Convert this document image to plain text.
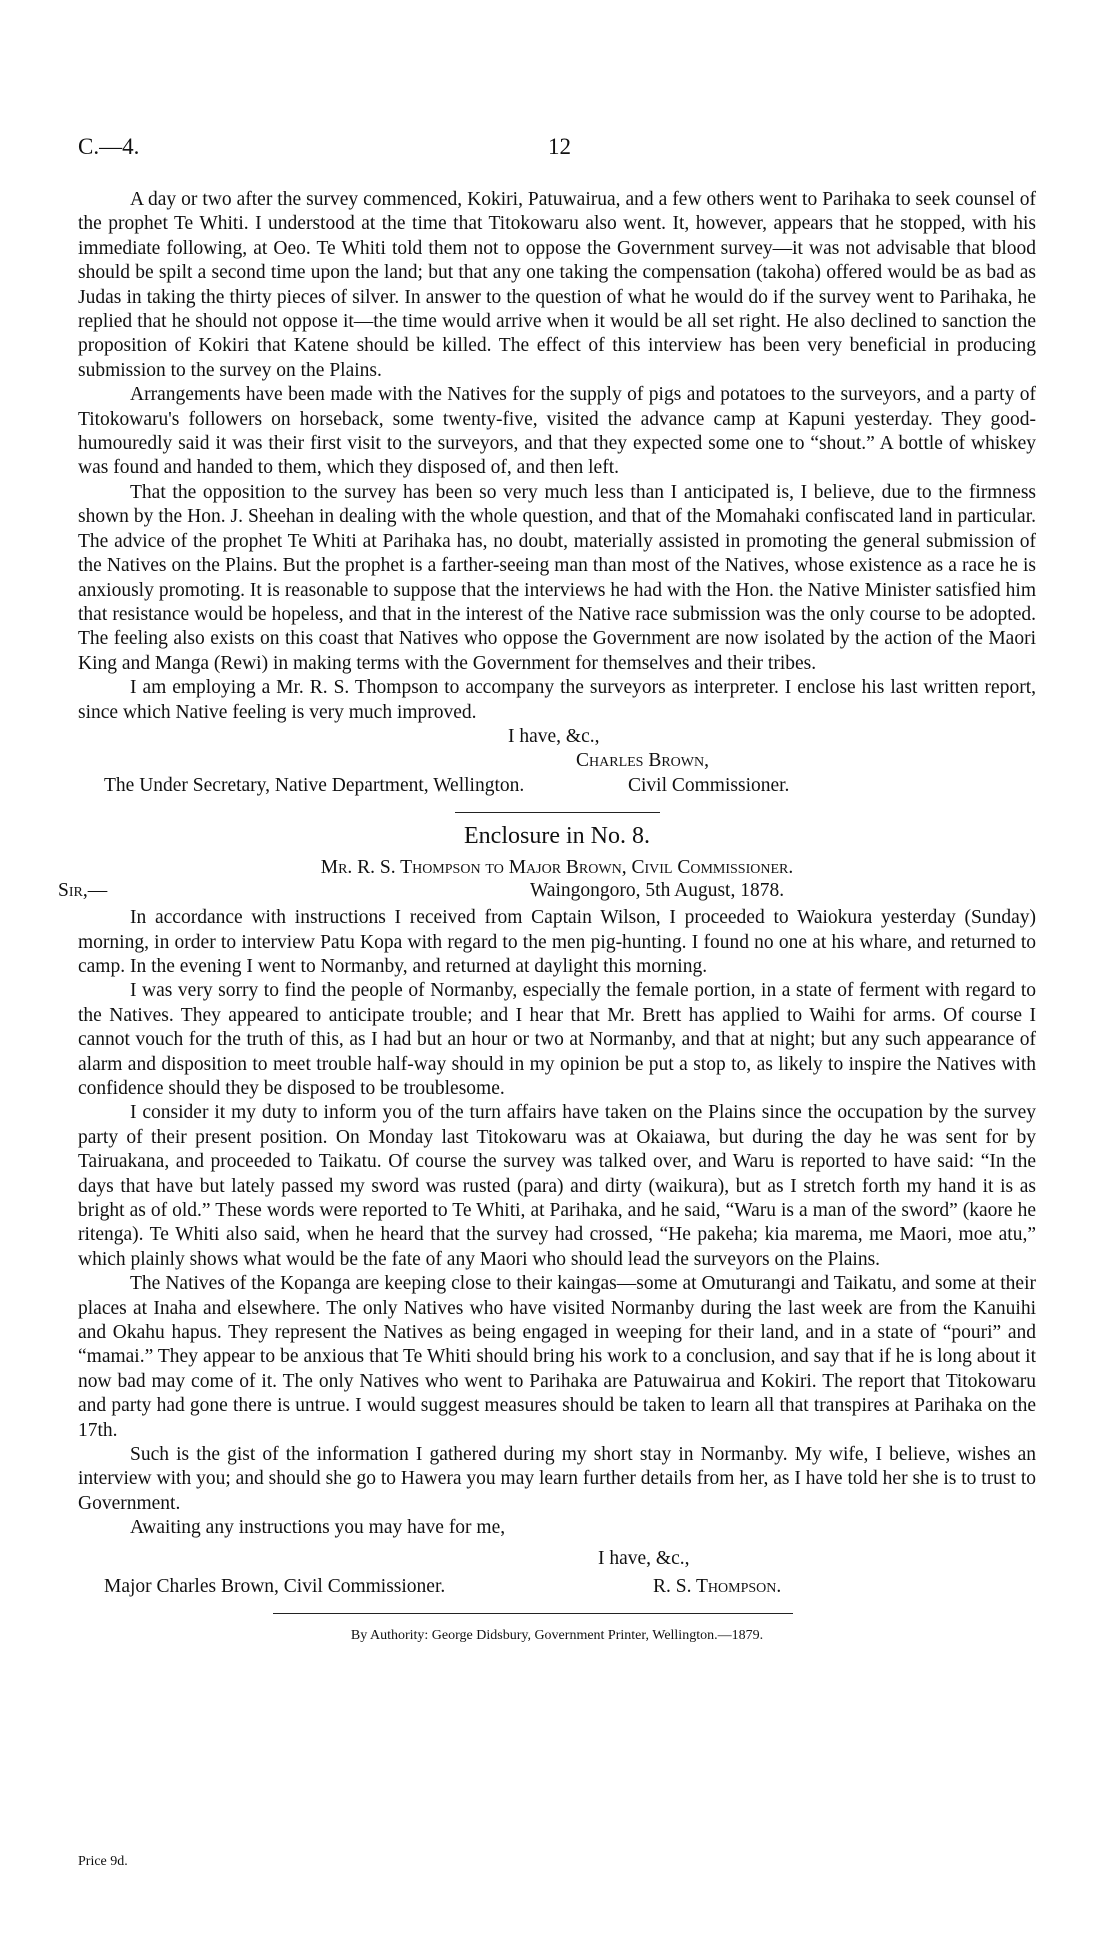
C.—4.	12

A day or two after the survey commenced, Kokiri, Patuwairua, and a few others went to Parihaka to seek counsel of the prophet Te Whiti. I understood at the time that Titokowaru also went. It, however, appears that he stopped, with his immediate following, at Oeo. Te Whiti told them not to oppose the Government survey—it was not advisable that blood should be spilt a second time upon the land; but that any one taking the compensation (takoha) offered would be as bad as Judas in taking the thirty pieces of silver. In answer to the question of what he would do if the survey went to Parihaka, he replied that he should not oppose it—the time would arrive when it would be all set right. He also declined to sanction the proposition of Kokiri that Katene should be killed. The effect of this interview has been very beneficial in producing submission to the survey on the Plains.

Arrangements have been made with the Natives for the supply of pigs and potatoes to the surveyors, and a party of Titokowaru's followers on horseback, some twenty-five, visited the advance camp at Kapuni yesterday. They good-humouredly said it was their first visit to the surveyors, and that they expected some one to “shout.” A bottle of whiskey was found and handed to them, which they disposed of, and then left.

That the opposition to the survey has been so very much less than I anticipated is, I believe, due to the firmness shown by the Hon. J. Sheehan in dealing with the whole question, and that of the Momahaki confiscated land in particular. The advice of the prophet Te Whiti at Parihaka has, no doubt, materially assisted in promoting the general submission of the Natives on the Plains. But the prophet is a farther-seeing man than most of the Natives, whose existence as a race he is anxiously promoting. It is reasonable to suppose that the interviews he had with the Hon. the Native Minister satisfied him that resistance would be hopeless, and that in the interest of the Native race submission was the only course to be adopted. The feeling also exists on this coast that Natives who oppose the Government are now isolated by the action of the Maori King and Manga (Rewi) in making terms with the Government for themselves and their tribes.

I am employing a Mr. R. S. Thompson to accompany the surveyors as interpreter. I enclose his last written report, since which Native feeling is very much improved.

I have, &c.,
Charles Brown,
The Under Secretary, Native Department, Wellington.	Civil Commissioner.
Enclosure in No. 8.
Mr. R. S. Thompson to Major Brown, Civil Commissioner.
Sir,—	Waingongoro, 5th August, 1878.

In accordance with instructions I received from Captain Wilson, I proceeded to Waiokura yesterday (Sunday) morning, in order to interview Patu Kopa with regard to the men pig-hunting. I found no one at his whare, and returned to camp. In the evening I went to Normanby, and returned at daylight this morning.

I was very sorry to find the people of Normanby, especially the female portion, in a state of ferment with regard to the Natives. They appeared to anticipate trouble; and I hear that Mr. Brett has applied to Waihi for arms. Of course I cannot vouch for the truth of this, as I had but an hour or two at Normanby, and that at night; but any such appearance of alarm and disposition to meet trouble half-way should in my opinion be put a stop to, as likely to inspire the Natives with confidence should they be disposed to be troublesome.

I consider it my duty to inform you of the turn affairs have taken on the Plains since the occupation by the survey party of their present position. On Monday last Titokowaru was at Okaiawa, but during the day he was sent for by Tairuakana, and proceeded to Taikatu. Of course the survey was talked over, and Waru is reported to have said: “In the days that have but lately passed my sword was rusted (para) and dirty (waikura), but as I stretch forth my hand it is as bright as of old.” These words were reported to Te Whiti, at Parihaka, and he said, “Waru is a man of the sword” (kaore he ritenga). Te Whiti also said, when he heard that the survey had crossed, “He pakeha; kia marema, me Maori, moe atu,” which plainly shows what would be the fate of any Maori who should lead the surveyors on the Plains.

The Natives of the Kopanga are keeping close to their kaingas—some at Omuturangi and Taikatu, and some at their places at Inaha and elsewhere. The only Natives who have visited Normanby during the last week are from the Kanuihi and Okahu hapus. They represent the Natives as being engaged in weeping for their land, and in a state of “pouri” and “mamai.” They appear to be anxious that Te Whiti should bring his work to a conclusion, and say that if he is long about it now bad may come of it. The only Natives who went to Parihaka are Patuwairua and Kokiri. The report that Titokowaru and party had gone there is untrue. I would suggest measures should be taken to learn all that transpires at Parihaka on the 17th.

Such is the gist of the information I gathered during my short stay in Normanby. My wife, I believe, wishes an interview with you; and should she go to Hawera you may learn further details from her, as I have told her she is to trust to Government.

Awaiting any instructions you may have for me,

I have, &c.,
Major Charles Brown, Civil Commissioner.	R. S. Thompson.
By Authority: George Didsbury, Government Printer, Wellington.—1879.
Price 9d.
